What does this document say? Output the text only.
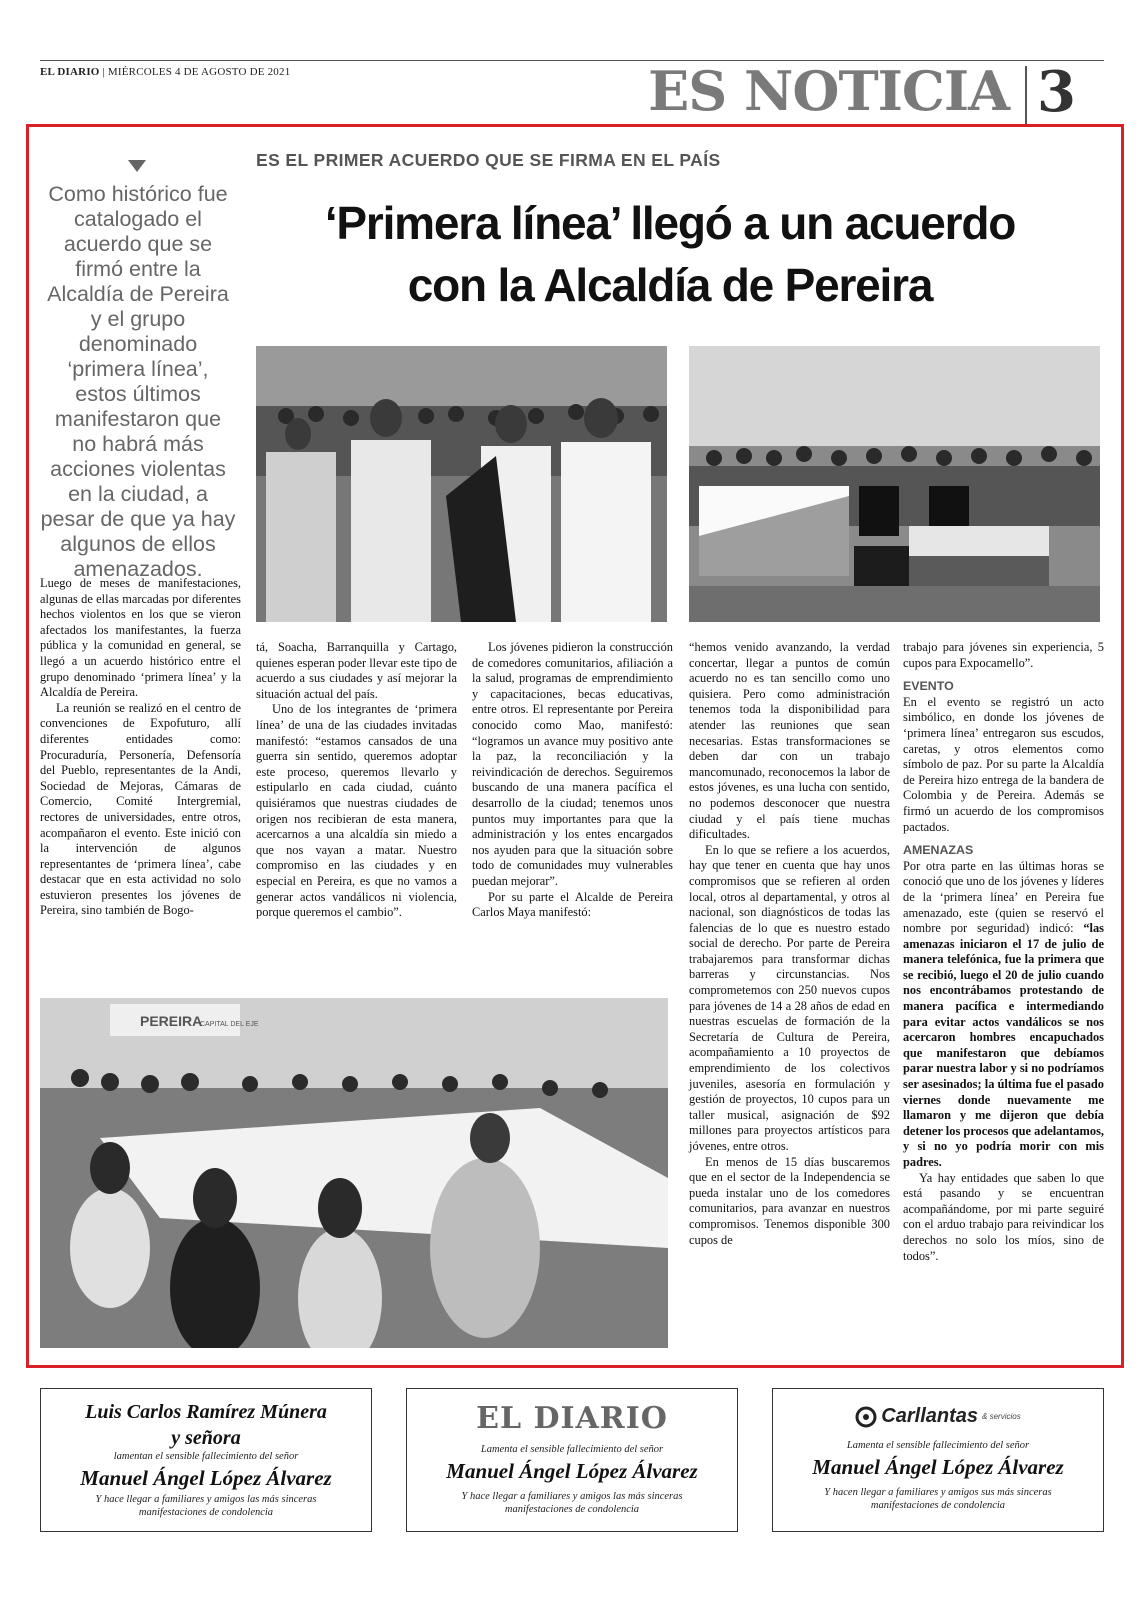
EL DIARIO | MIÉRCOLES 4 DE AGOSTO DE 2021	ES NOTICIA 3
ES EL PRIMER ACUERDO QUE SE FIRMA EN EL PAÍS
‘Primera línea’ llegó a un acuerdo
con la Alcaldía de Pereira
Como histórico fue catalogado el acuerdo que se firmó entre la Alcaldía de Pereira y el grupo denominado ‘primera línea’, estos últimos manifestaron que no habrá más acciones violentas en la ciudad, a pesar de que ya hay algunos de ellos amenazados.
PEREIRA
CAPITAL DEL EJE

Luego de meses de manifestaciones, algunas de ellas marcadas por diferentes hechos violentos en los que se vieron afectados los manifestantes, la fuerza pública y la comunidad en general, se llegó a un acuerdo histórico entre el grupo denominado ‘primera línea’ y la Alcaldía de Pereira.

La reunión se realizó en el centro de convenciones de Expofuturo, allí diferentes entidades como: Procuraduría, Personería, Defensoría del Pueblo, representantes de la Andi, Sociedad de Mejoras, Cámaras de Comercio, Comité Intergremial, rectores de universidades, entre otros, acompañaron el evento. Este inició con la intervención de algunos representantes de ‘primera línea’, cabe destacar que en esta actividad no solo estuvieron presentes los jóvenes de Pereira, sino también de Bogo-

tá, Soacha, Barranquilla y Cartago, quienes esperan poder llevar este tipo de acuerdo a sus ciudades y así mejorar la situación actual del país.

Uno de los integrantes de ‘primera línea’ de una de las ciudades invitadas manifestó: “estamos cansados de una guerra sin sentido, queremos adoptar este proceso, queremos llevarlo y estipularlo en cada ciudad, cuánto quisiéramos que nuestras ciudades de origen nos recibieran de esta manera, acercarnos a una alcaldía sin miedo a que nos vayan a matar. Nuestro compromiso en las ciudades y en especial en Pereira, es que no vamos a generar actos vandálicos ni violencia, porque queremos el cambio”.

Los jóvenes pidieron la construcción de comedores comunitarios, afiliación a la salud, programas de emprendimiento y capacitaciones, becas educativas, entre otros. El representante por Pereira conocido como Mao, manifestó: “logramos un avance muy positivo ante la paz, la reconciliación y la reivindicación de derechos. Seguiremos buscando de una manera pacífica el desarrollo de la ciudad; tenemos unos puntos muy importantes para que la administración y los entes encargados nos ayuden para que la situación sobre todo de comunidades muy vulnerables puedan mejorar”.

Por su parte el Alcalde de Pereira Carlos Maya manifestó:

“hemos venido avanzando, la verdad concertar, llegar a puntos de común acuerdo no es tan sencillo como uno quisiera. Pero como administración tenemos toda la disponibilidad para atender las reuniones que sean necesarias. Estas transformaciones se deben dar con un trabajo mancomunado, reconocemos la labor de estos jóvenes, es una lucha con sentido, no podemos desconocer que nuestra ciudad y el país tiene muchas dificultades.

En lo que se refiere a los acuerdos, hay que tener en cuenta que hay unos compromisos que se refieren al orden local, otros al departamental, y otros al nacional, son diagnósticos de todas las falencias de lo que es nuestro estado social de derecho. Por parte de Pereira trabajaremos para transformar dichas barreras y circunstancias. Nos comprometemos con 250 nuevos cupos para jóvenes de 14 a 28 años de edad en nuestras escuelas de formación de la Secretaría de Cultura de Pereira, acompañamiento a 10 proyectos de emprendimiento de los colectivos juveniles, asesoría en formulación y gestión de proyectos, 10 cupos para un taller musical, asignación de $92 millones para proyectos artísticos para jóvenes, entre otros.

En menos de 15 días buscaremos que en el sector de la Independencia se pueda instalar uno de los comedores comunitarios, para avanzar en nuestros compromisos. Tenemos disponible 300 cupos de

trabajo para jóvenes sin experiencia, 5 cupos para Expocamello”.

EVENTO

En el evento se registró un acto simbólico, en donde los jóvenes de ‘primera línea’ entregaron sus escudos, caretas, y otros elementos como símbolo de paz. Por su parte la Alcaldía de Pereira hizo entrega de la bandera de Colombia y de Pereira. Además se firmó un acuerdo de los compromisos pactados.

AMENAZAS

Por otra parte en las últimas horas se conoció que uno de los jóvenes y líderes de la ‘primera línea’ en Pereira fue amenazado, este (quien se reservó el nombre por seguridad) indicó: “las amenazas iniciaron el 17 de julio de manera telefónica, fue la primera que se recibió, luego el 20 de julio cuando nos encontrábamos protestando de manera pacífica e intermediando para evitar actos vandálicos se nos acercaron hombres encapuchados que manifestaron que debíamos parar nuestra labor y si no podríamos ser asesinados; la última fue el pasado viernes donde nuevamente me llamaron y me dijeron que debía detener los procesos que adelantamos, y si no yo podría morir con mis padres.

Ya hay entidades que saben lo que está pasando y se encuentran acompañándome, por mi parte seguiré con el arduo trabajo para reivindicar los derechos no solo los míos, sino de todos”.

Luis Carlos Ramírez Múnera
y señora
lamentan el sensible fallecimiento del señor
Manuel Ángel López Álvarez
Y hace llegar a familiares y amigos las más sinceras manifestaciones de condolencia
EL DIARIO
Lamenta el sensible fallecimiento del señor
Manuel Ángel López Álvarez
Y hace llegar a familiares y amigos las más sinceras manifestaciones de condolencia
Carllantas & servicios
Lamenta el sensible fallecimiento del señor
Manuel Ángel López Álvarez
Y hacen llegar a familiares y amigos sus más sinceras manifestaciones de condolencia
